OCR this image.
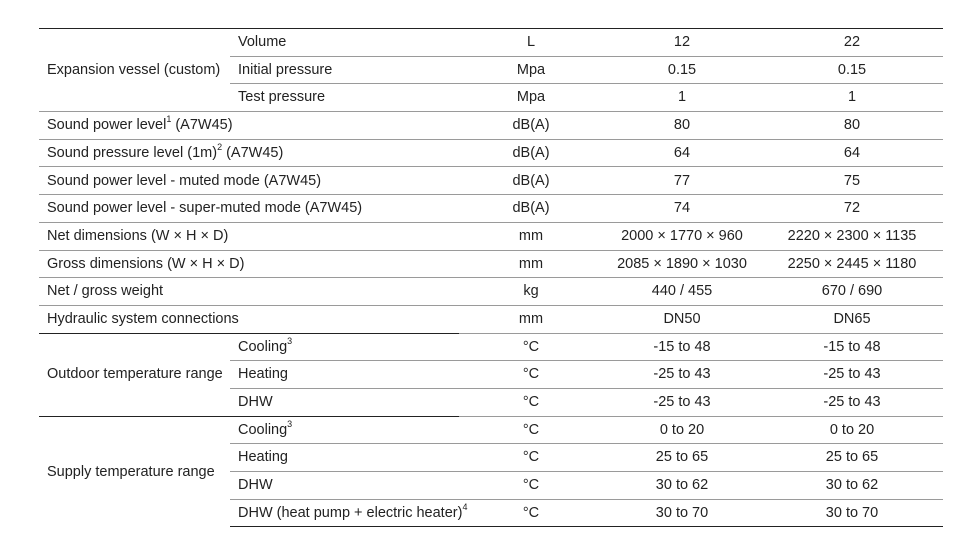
Expansion vessel (custom)	Volume	L	12	22
	Initial pressure	Mpa	0.15	0.15
	Test pressure	Mpa	1	1
Sound power level$^1$ (A7W45)		dB(A)	80	80
Sound pressure level $(1m)^2$ (A7W45)		dB(A)	64	64
Sound power level - muted mode (A7W45)		dB(A)	77	75
Sound power level - super-muted mode (A7W45)		dB(A)	74	72
Net dimensions (W × H × D)		mm	2000 × 1770 × 960	2220 × 2300 × 1135
Gross dimensions (W × H × D)		mm	2085 × 1890 × 1030	2250 × 2445 × 1180
Net / gross weight		kg	440 / 455	670 / 690
Hydraulic system connections		mm	DN50	DN65
Outdoor temperature range	Cooling$^3$	°C	-15 to 48	-15 to 48
	Heating	°C	-25 to 43	-25 to 43
	DHW	°C	-25 to 43	-25 to 43
Supply temperature range	Cooling$^3$	°C	0 to 20	0 to 20
	Heating	°C	25 to 65	25 to 65
	DHW	°C	30 to 62	30 to 62
	DHW (heat pump + electric heater)$^4$	°C	30 to 70	30 to 70
